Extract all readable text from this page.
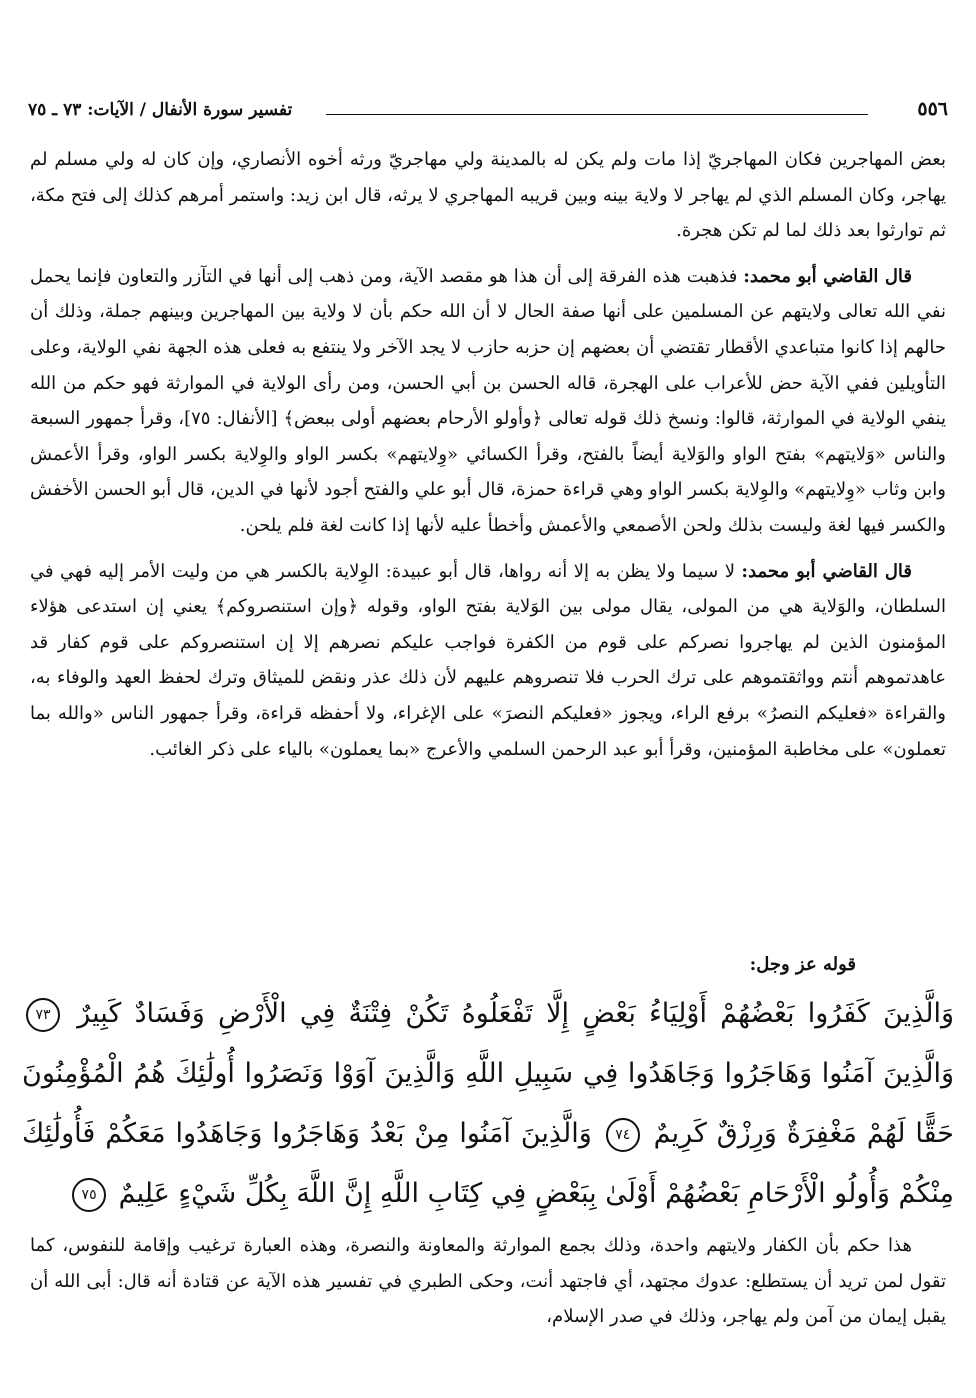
تفسير سورة الأنفال / الآيات: ٧٣ ـ ٧٥	٥٥٦

بعض المهاجرين فكان المهاجريّ إذا مات ولم يكن له بالمدينة ولي مهاجريّ ورثه أخوه الأنصاري، وإن كان له ولي مسلم لم يهاجر، وكان المسلم الذي لم يهاجر لا ولاية بينه وبين قريبه المهاجري لا يرثه، قال ابن زيد: واستمر أمرهم كذلك إلى فتح مكة، ثم توارثوا بعد ذلك لما لم تكن هجرة.

قال القاضي أبو محمد: فذهبت هذه الفرقة إلى أن هذا هو مقصد الآية، ومن ذهب إلى أنها في التآزر والتعاون فإنما يحمل نفي الله تعالى ولايتهم عن المسلمين على أنها صفة الحال لا أن الله حكم بأن لا ولاية بين المهاجرين وبينهم جملة، وذلك أن حالهم إذا كانوا متباعدي الأقطار تقتضي أن بعضهم إن حزبه حازب لا يجد الآخر ولا ينتفع به فعلى هذه الجهة نفي الولاية، وعلى التأويلين ففي الآية حض للأعراب على الهجرة، قاله الحسن بن أبي الحسن، ومن رأى الولاية في الموارثة فهو حكم من الله ينفي الولاية في الموارثة، قالوا: ونسخ ذلك قوله تعالى ﴿وأولو الأرحام بعضهم أولى ببعض﴾ [الأنفال: ٧٥]، وقرأ جمهور السبعة والناس «وَلايتهم» بفتح الواو والوَلاية أيضاً بالفتح، وقرأ الكسائي «وِلايتهم» بكسر الواو والوِلاية بكسر الواو، وقرأ الأعمش وابن وثاب «وِلايتهم» والوِلاية بكسر الواو وهي قراءة حمزة، قال أبو علي والفتح أجود لأنها في الدين، قال أبو الحسن الأخفش والكسر فيها لغة وليست بذلك ولحن الأصمعي والأعمش وأخطأ عليه لأنها إذا كانت لغة فلم يلحن.

قال القاضي أبو محمد: لا سيما ولا يظن به إلا أنه رواها، قال أبو عبيدة: الوِلاية بالكسر هي من وليت الأمر إليه فهي في السلطان، والوَلاية هي من المولى، يقال مولى بين الوَلاية بفتح الواو، وقوله ﴿وإن استنصروكم﴾ يعني إن استدعى هؤلاء المؤمنون الذين لم يهاجروا نصركم على قوم من الكفرة فواجب عليكم نصرهم إلا إن استنصروكم على قوم كفار قد عاهدتموهم أنتم وواثقتموهم على ترك الحرب فلا تنصروهم عليهم لأن ذلك عذر ونقض للميثاق وترك لحفظ العهد والوفاء به، والقراءة «فعليكم النصرُ» برفع الراء، ويجوز «فعليكم النصرَ» على الإغراء، ولا أحفظه قراءة، وقرأ جمهور الناس «والله بما تعملون» على مخاطبة المؤمنين، وقرأ أبو عبد الرحمن السلمي والأعرج «بما يعملون» بالياء على ذكر الغائب.

قوله عز وجل:
وَالَّذِينَ كَفَرُوا بَعْضُهُمْ أَوْلِيَاءُ بَعْضٍ إِلَّا تَفْعَلُوهُ تَكُنْ فِتْنَةٌ فِي الْأَرْضِ وَفَسَادٌ كَبِيرٌ ٧٣ وَالَّذِينَ آمَنُوا وَهَاجَرُوا وَجَاهَدُوا فِي سَبِيلِ اللَّهِ وَالَّذِينَ آوَوْا وَنَصَرُوا أُولَٰئِكَ هُمُ الْمُؤْمِنُونَ حَقًّا لَهُمْ مَغْفِرَةٌ وَرِزْقٌ كَرِيمٌ ٧٤ وَالَّذِينَ آمَنُوا مِنْ بَعْدُ وَهَاجَرُوا وَجَاهَدُوا مَعَكُمْ فَأُولَٰئِكَ مِنْكُمْ وَأُولُو الْأَرْحَامِ بَعْضُهُمْ أَوْلَىٰ بِبَعْضٍ فِي كِتَابِ اللَّهِ إِنَّ اللَّهَ بِكُلِّ شَيْءٍ عَلِيمٌ ٧٥

هذا حكم بأن الكفار ولايتهم واحدة، وذلك بجمع الموارثة والمعاونة والنصرة، وهذه العبارة ترغيب وإقامة للنفوس، كما تقول لمن تريد أن يستطلع: عدوك مجتهد، أي فاجتهد أنت، وحكى الطبري في تفسير هذه الآية عن قتادة أنه قال: أبى الله أن يقبل إيمان من آمن ولم يهاجر، وذلك في صدر الإسلام،
